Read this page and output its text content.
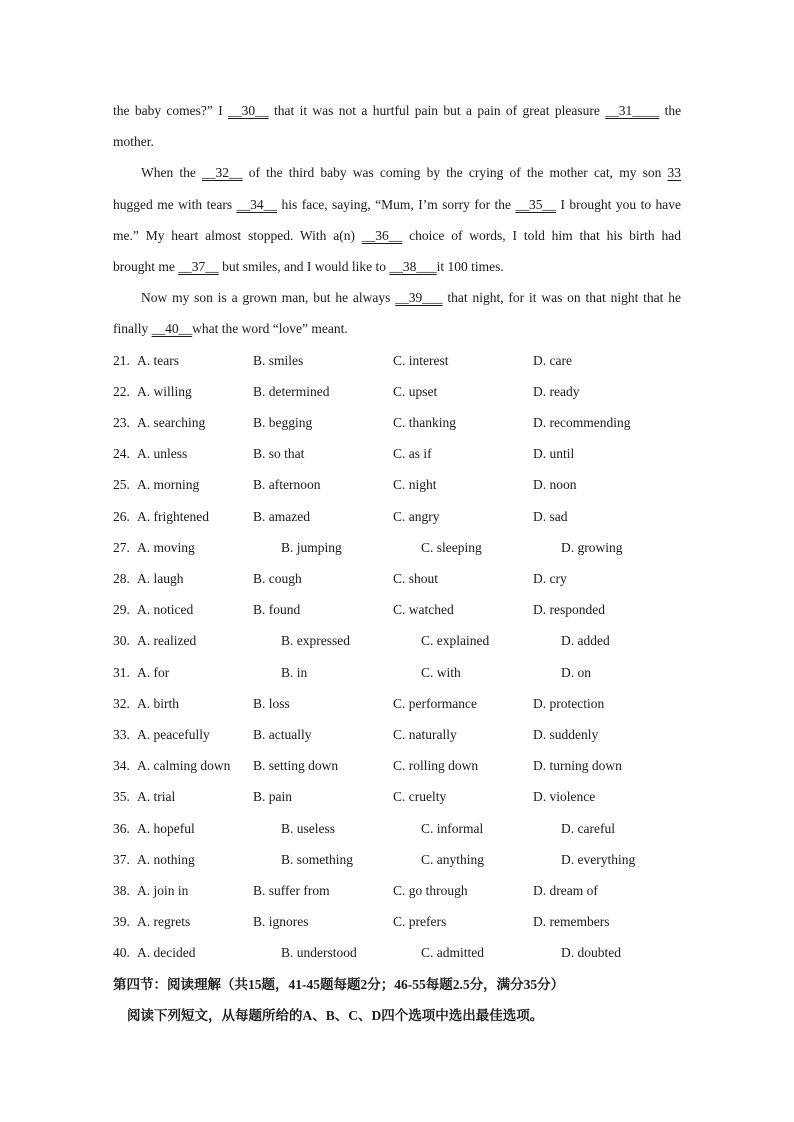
the baby comes?” I __30__ that it was not a hurtful pain but a pain of great pleasure __31____ the
mother.
When the __32__ of the third baby was coming by the crying of the mother cat, my son 33
hugged me with tears __34__ his face, saying, “Mum, I’m sorry for the __35__ I brought you to have
me.” My heart almost stopped. With a(n) __36__ choice of words, I told him that his birth had
brought me __37__ but smiles, and I would like to __38___it 100 times.
Now my son is a grown man, but he always __39___ that night, for it was on that night that he
finally __40__what the word “love” meant.
21. A. tears	B. smiles	C. interest	D. care
22. A. willing	B. determined	C. upset	D. ready
23. A. searching	B. begging	C. thanking	D. recommending
24. A. unless	B. so that	C. as if	D. until
25. A. morning	B. afternoon	C. night	D. noon
26. A. frightened	B. amazed	C. angry	D. sad
27. A. moving	B. jumping	C. sleeping	D. growing
28. A. laugh	B. cough	C. shout	D. cry
29. A. noticed	B. found	C. watched	D. responded
30. A. realized	B. expressed	C. explained	D. added
31. A. for	B. in	C. with	D. on
32. A. birth	B. loss	C. performance	D. protection
33. A. peacefully	B. actually	C. naturally	D. suddenly
34. A. calming down B. setting down	C. rolling down	D. turning down
35. A. trial	B. pain	C. cruelty	D. violence
36. A. hopeful	B. useless	C. informal	D. careful
37. A. nothing	B. something	C. anything	D. everything
38. A. join in	B. suffer from	C. go through	D. dream of
39. A. regrets	B. ignores	C. prefers	D. remembers
40. A. decided	B. understood	C. admitted	D. doubted
第四节：阅读理解（共15题，41-45题每题2分；46-55每题2.5分，满分35分）
阅读下列短文，从每题所给的A、B、C、D四个选项中选出最佳选项。
